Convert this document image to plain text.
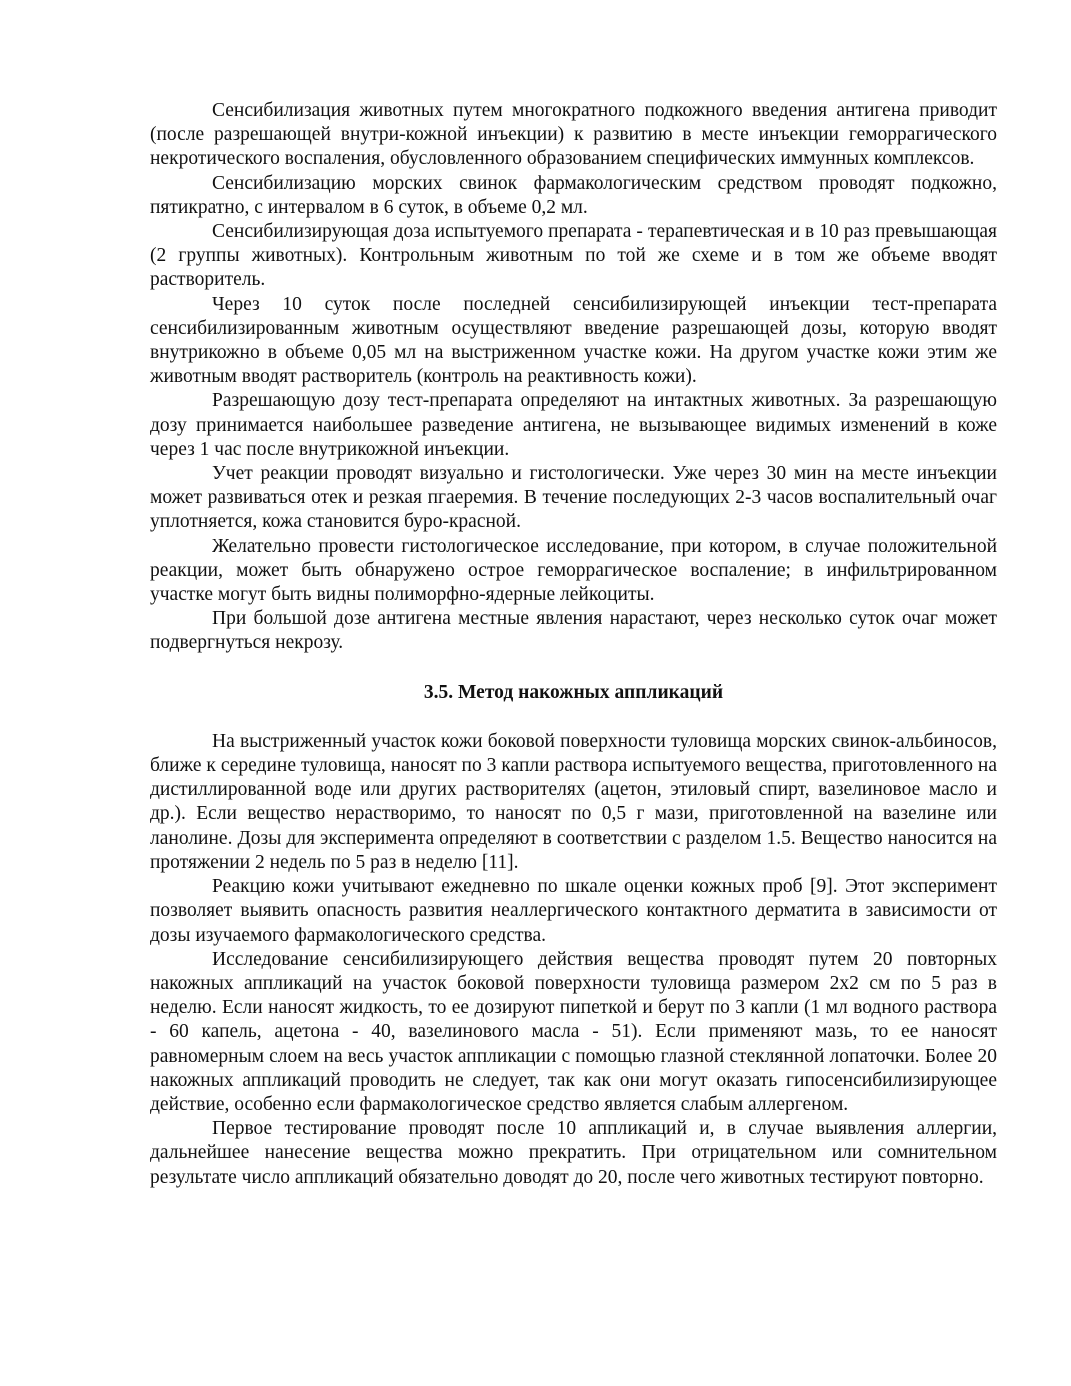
Сенсибилизация животных путем многократного подкожного введения антигена приводит (после разрешающей внутри-кожной инъекции) к развитию в месте инъекции геморрагического некротического воспаления, обусловленного образованием специфических иммунных комплексов.

Сенсибилизацию морских свинок фармакологическим средством проводят подкожно, пятикратно, с интервалом в 6 суток, в объеме 0,2 мл.

Сенсибилизирующая доза испытуемого препарата - терапевтическая и в 10 раз превышающая (2 группы животных). Контрольным животным по той же схеме и в том же объеме вводят растворитель.

Через 10 суток после последней сенсибилизирующей инъекции тест-препарата сенсибилизированным животным осуществляют введение разрешающей дозы, которую вводят внутрикожно в объеме 0,05 мл на выстриженном участке кожи. На другом участке кожи этим же животным вводят растворитель (контроль на реактивность кожи).

Разрешающую дозу тест-препарата определяют на интактных животных. За разрешающую дозу принимается наибольшее разведение антигена, не вызывающее видимых изменений в коже через 1 час после внутрикожной инъекции.

Учет реакции проводят визуально и гистологически. Уже через 30 мин на месте инъекции может развиваться отек и резкая пгаеремия. В течение последующих 2-3 часов воспалительный очаг уплотняется, кожа становится буро-красной.

Желательно провести гистологическое исследование, при котором, в случае положительной реакции, может быть обнаружено острое геморрагическое воспаление; в инфильтрированном участке могут быть видны полиморфно-ядерные лейкоциты.

При большой дозе антигена местные явления нарастают, через несколько суток очаг может подвергнуться некрозу.

3.5. Метод накожных аппликаций

На выстриженный участок кожи боковой поверхности туловища морских свинок-альбиносов, ближе к середине туловища, наносят по 3 капли раствора испытуемого вещества, приготовленного на дистиллированной воде или других растворителях (ацетон, этиловый спирт, вазелиновое масло и др.). Если вещество нерастворимо, то наносят по 0,5 г мази, приготовленной на вазелине или ланолине. Дозы для эксперимента определяют в соответствии с разделом 1.5. Вещество наносится на протяжении 2 недель по 5 раз в неделю [11].

Реакцию кожи учитывают ежедневно по шкале оценки кожных проб [9]. Этот эксперимент позволяет выявить опасность развития неаллергического контактного дерматита в зависимости от дозы изучаемого фармакологического средства.

Исследование сенсибилизирующего действия вещества проводят путем 20 повторных накожных аппликаций на участок боковой поверхности туловища размером 2х2 см по 5 раз в неделю. Если наносят жидкость, то ее дозируют пипеткой и берут по 3 капли (1 мл водного раствора - 60 капель, ацетона - 40, вазелинового масла - 51). Если применяют мазь, то ее наносят равномерным слоем на весь участок аппликации с помощью глазной стеклянной лопаточки. Более 20 накожных аппликаций проводить не следует, так как они могут оказать гипосенсибилизирующее действие, особенно если фармакологическое средство является слабым аллергеном.

Первое тестирование проводят после 10 аппликаций и, в случае выявления аллергии, дальнейшее нанесение вещества можно прекратить. При отрицательном или сомнительном результате число аппликаций обязательно доводят до 20, после чего животных тестируют повторно.
